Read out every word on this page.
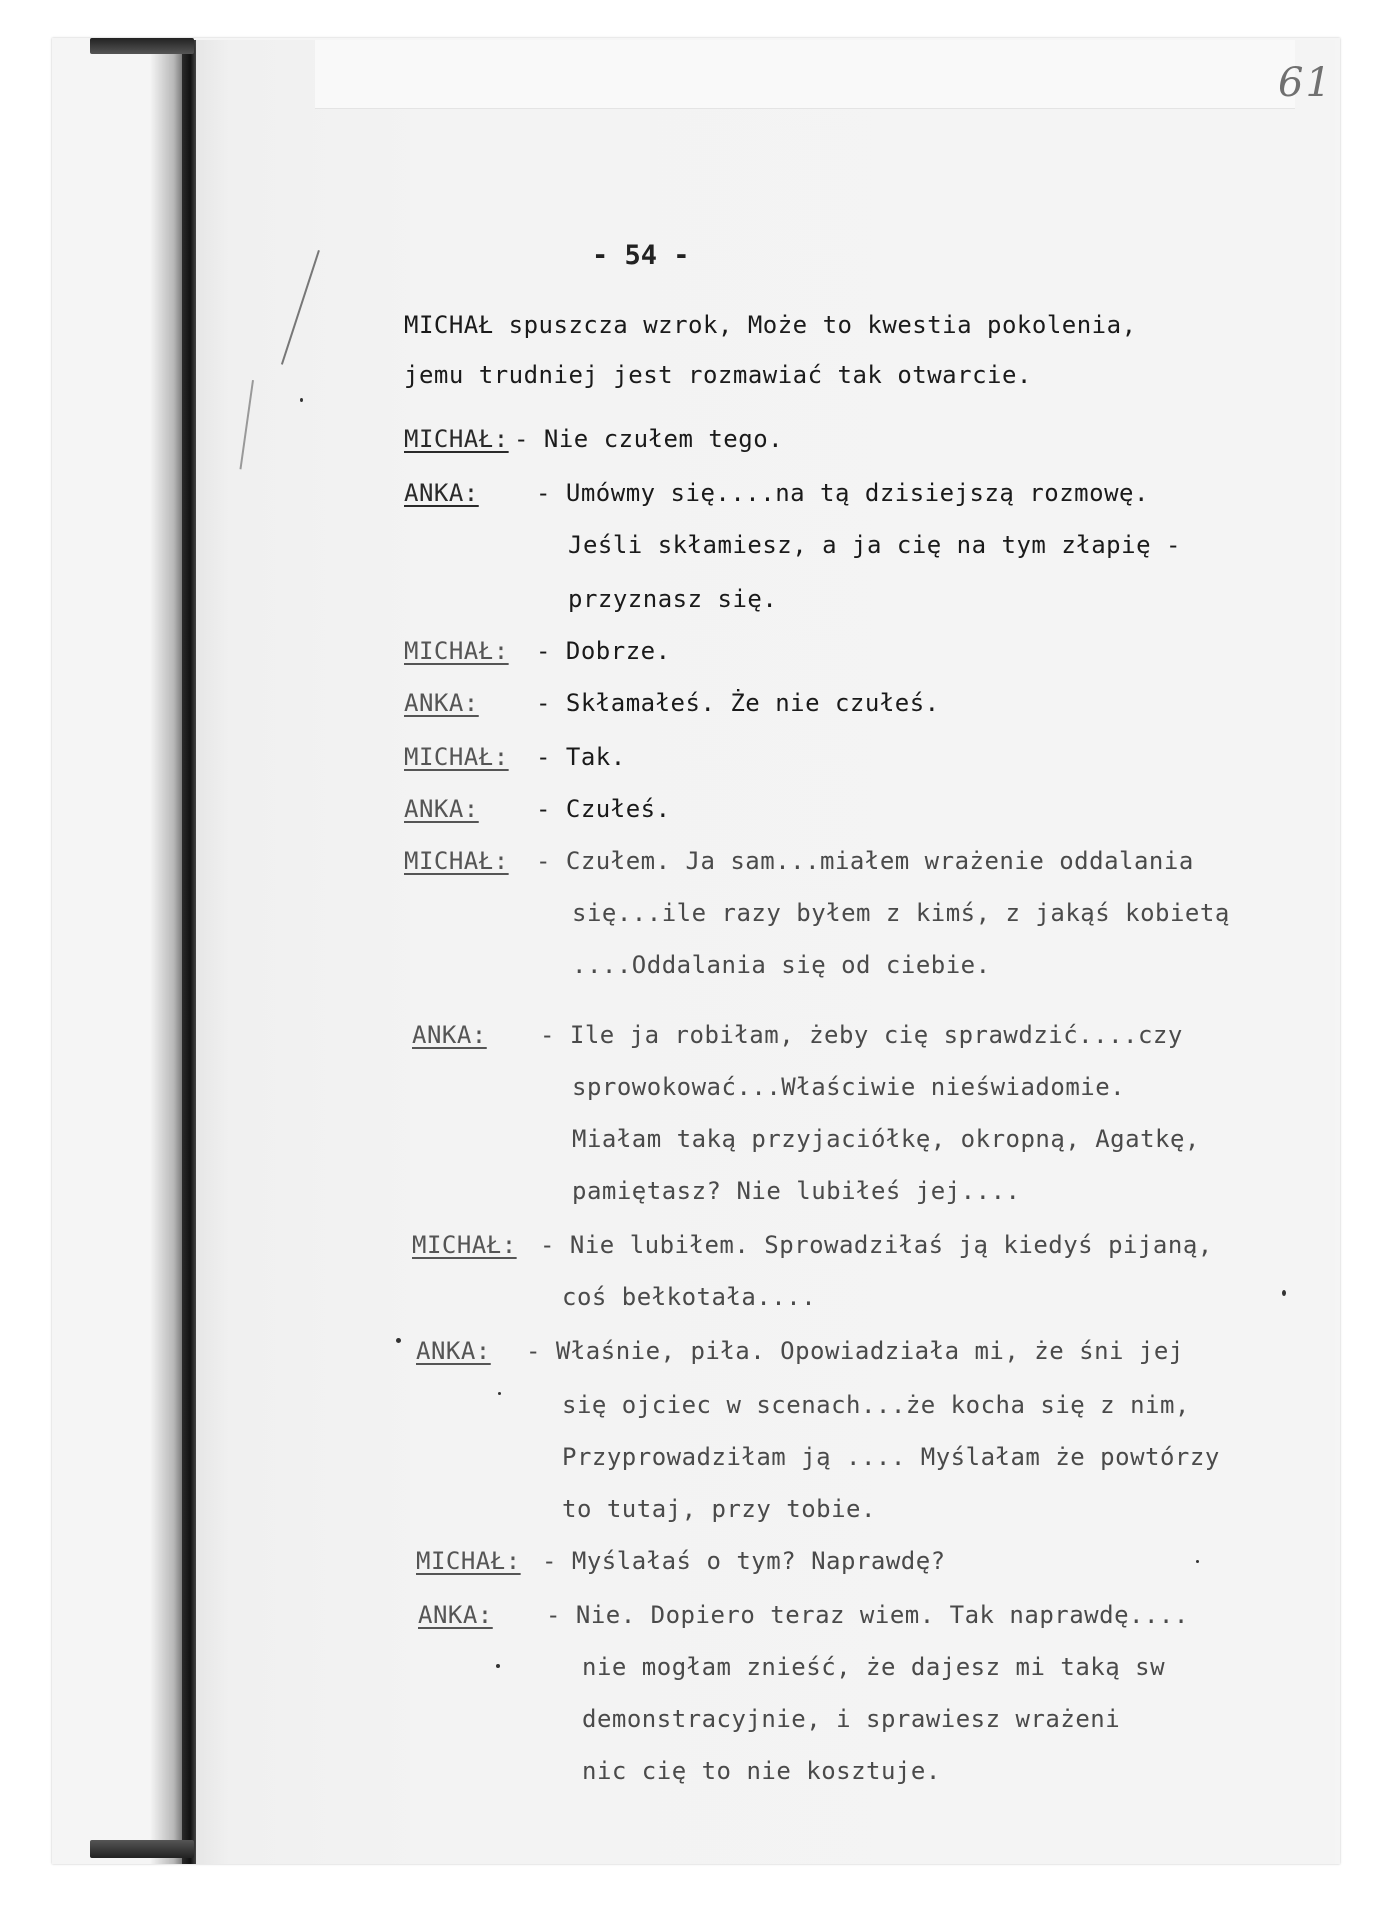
61
- 54 -
MICHAŁ spuszcza wzrok, Może to kwestia pokolenia,
jemu trudniej jest rozmawiać tak otwarcie.
MICHAŁ: - Nie czułem tego.
ANKA: - Umówmy się....na tą dzisiejszą rozmowę.
Jeśli skłamiesz, a ja cię na tym złapię -
przyznasz się.
MICHAŁ: - Dobrze.
ANKA: - Skłamałeś. Że nie czułeś.
MICHAŁ: - Tak.
ANKA: - Czułeś.
MICHAŁ: - Czułem. Ja sam...miałem wrażenie oddalania
się...ile razy byłem z kimś, z jakąś kobietą
....Oddalania się od ciebie.
ANKA: - Ile ja robiłam, żeby cię sprawdzić....czy
sprowokować...Właściwie nieświadomie.
Miałam taką przyjaciółkę, okropną, Agatkę,
pamiętasz? Nie lubiłeś jej....
MICHAŁ: - Nie lubiłem. Sprowadziłaś ją kiedyś pijaną,
coś bełkotała....
ANKA: - Właśnie, piła. Opowiadziała mi, że śni jej
się ojciec w scenach...że kocha się z nim,
Przyprowadziłam ją .... Myślałam że powtórzy
to tutaj, przy tobie.
MICHAŁ: - Myślałaś o tym? Naprawdę?
ANKA: - Nie. Dopiero teraz wiem. Tak naprawdę....
nie mogłam znieść, że dajesz mi taką sw
demonstracyjnie, i sprawiesz wrażeni
nic cię to nie kosztuje.
